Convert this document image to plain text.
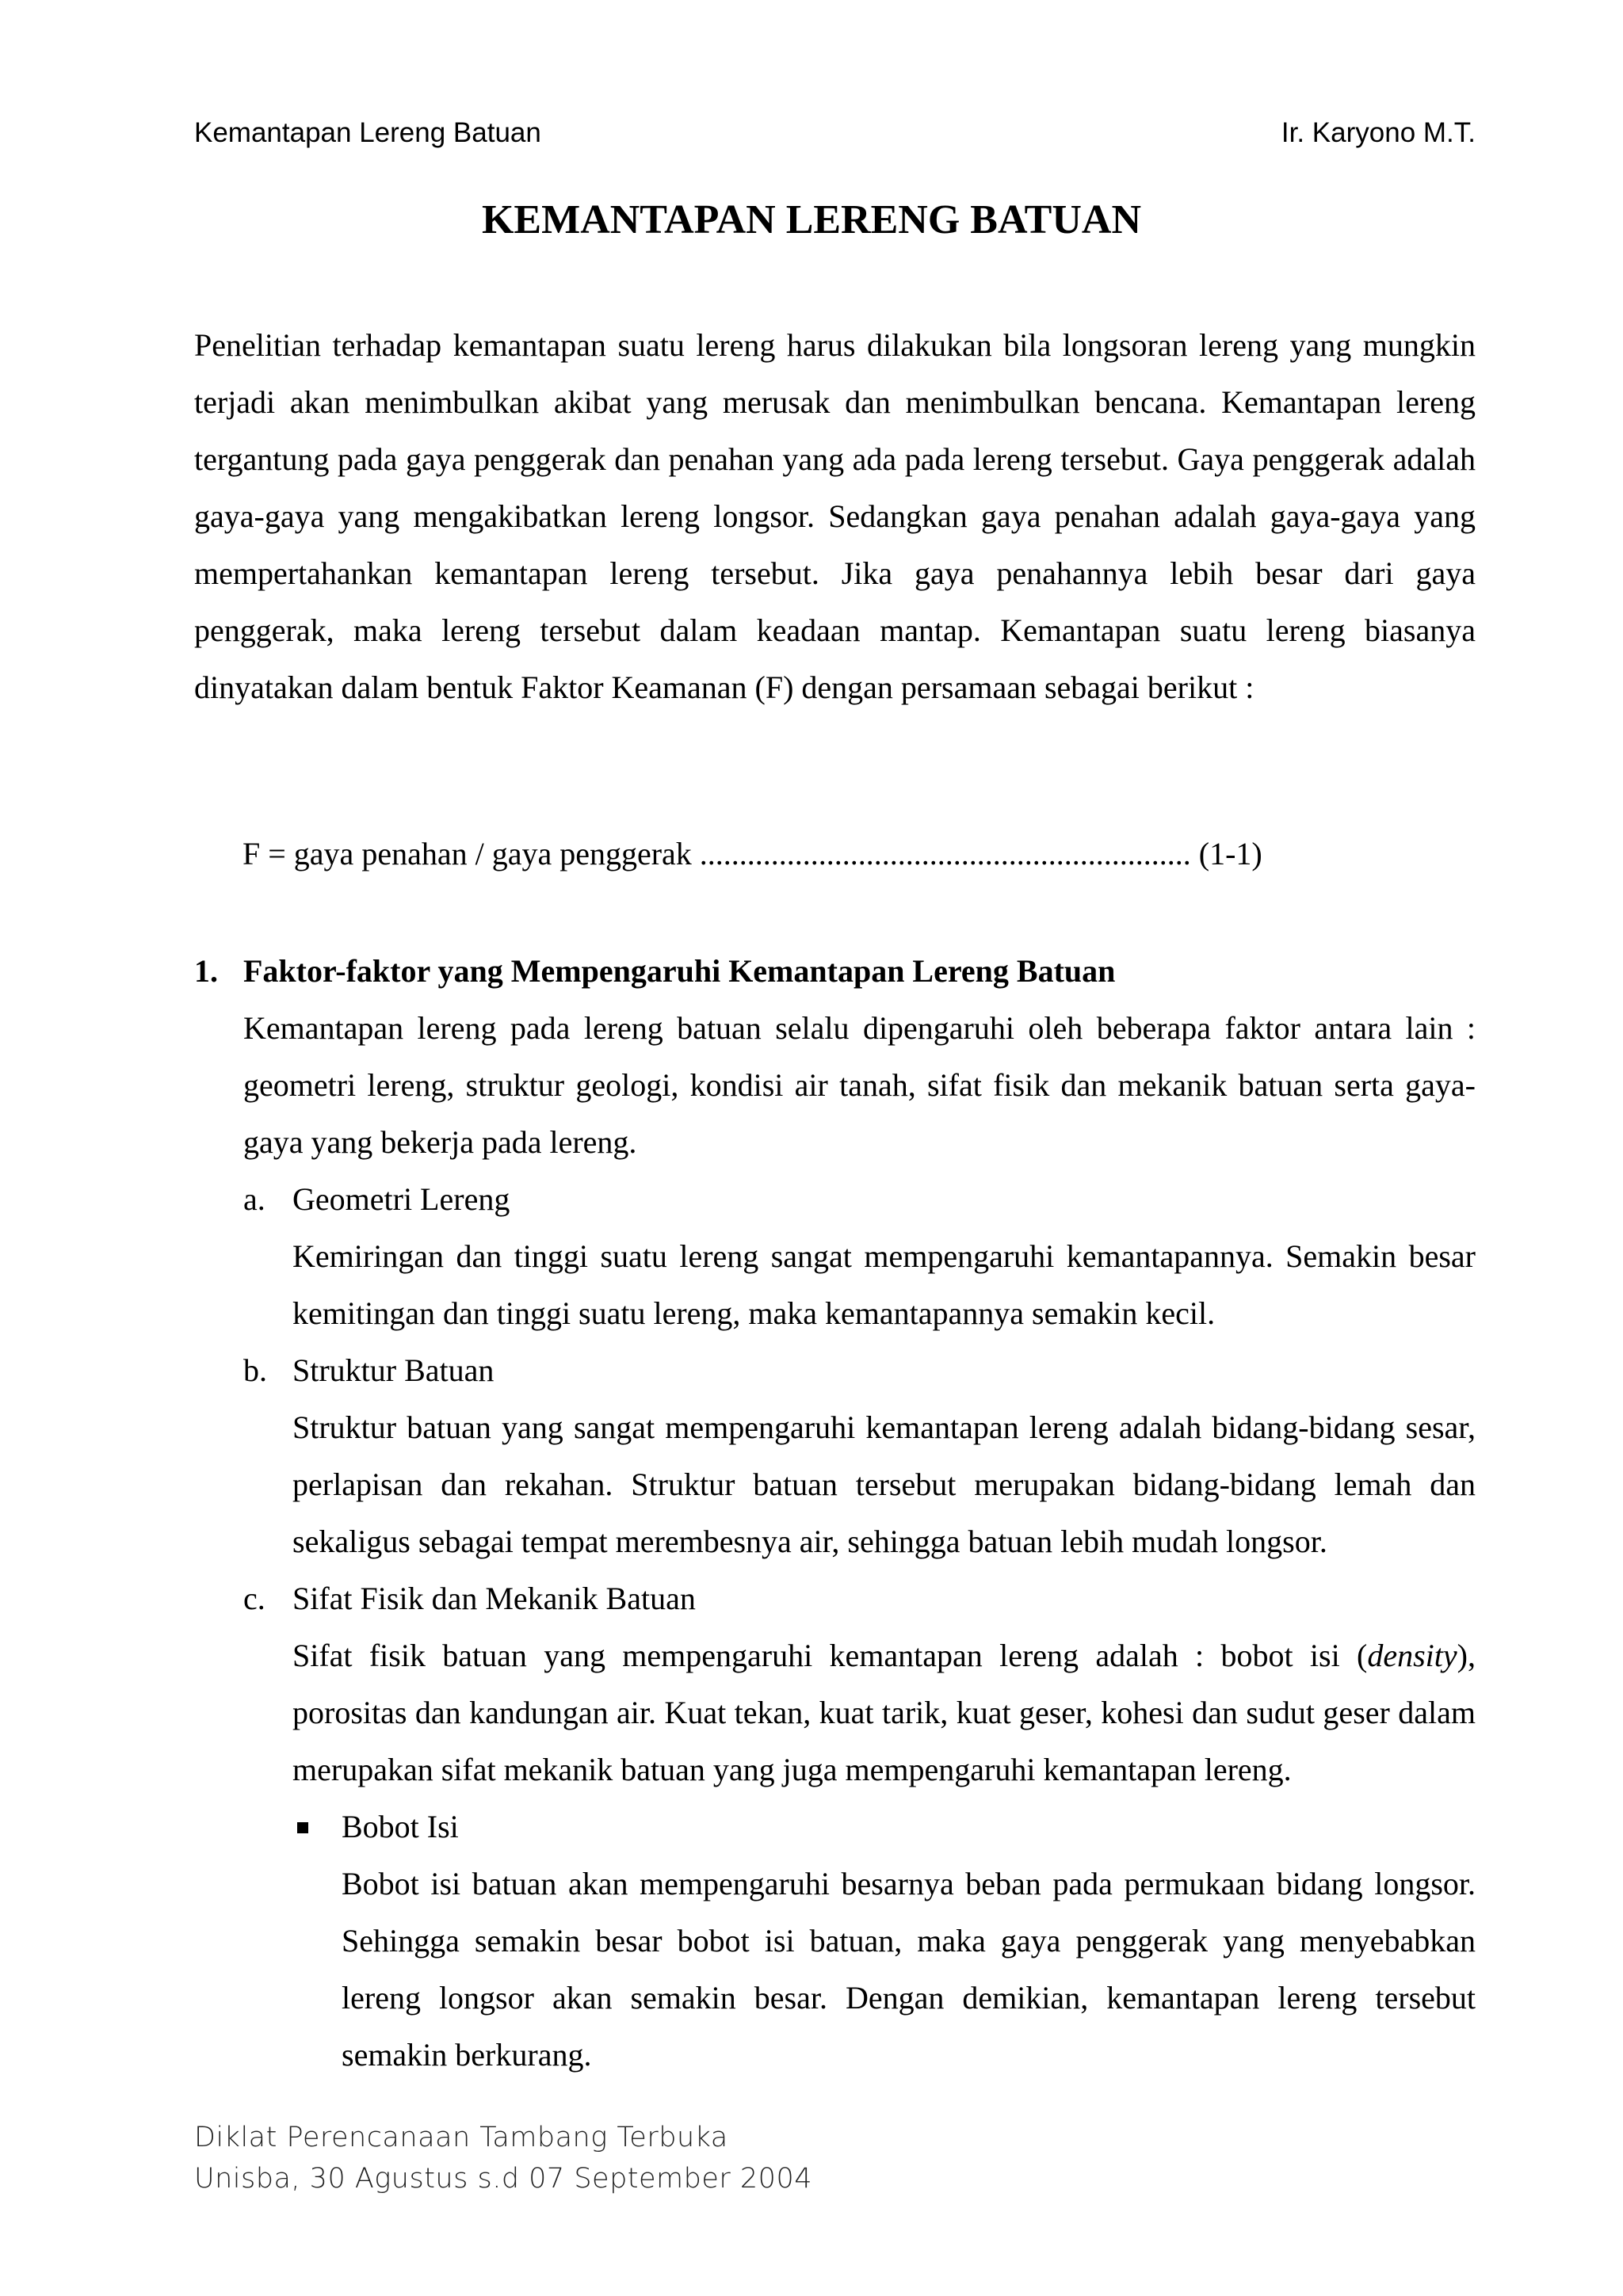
Kemantapan Lereng Batuan	Ir. Karyono M.T.
KEMANTAPAN LERENG BATUAN

Penelitian terhadap kemantapan suatu lereng harus dilakukan bila longsoran lereng yang mungkin terjadi akan menimbulkan akibat yang merusak dan menimbulkan bencana. Kemantapan lereng tergantung pada gaya penggerak dan penahan yang ada pada lereng tersebut. Gaya penggerak adalah gaya-gaya yang mengakibatkan lereng longsor. Sedangkan gaya penahan adalah gaya-gaya yang mempertahankan kemantapan lereng tersebut. Jika gaya penahannya lebih besar dari gaya penggerak, maka lereng tersebut dalam keadaan mantap. Kemantapan suatu lereng biasanya dinyatakan dalam bentuk Faktor Keamanan (F) dengan persamaan sebagai berikut :

F = gaya penahan / gaya penggerak .............................................................. (1-1)
1. Faktor-faktor yang Mempengaruhi Kemantapan Lereng Batuan

Kemantapan lereng pada lereng batuan selalu dipengaruhi oleh beberapa faktor antara lain : geometri lereng, struktur geologi, kondisi air tanah, sifat fisik dan mekanik batuan serta gaya-gaya yang bekerja pada lereng.

a. Geometri Lereng

Kemiringan dan tinggi suatu lereng sangat mempengaruhi kemantapannya. Semakin besar kemitingan dan tinggi suatu lereng, maka kemantapannya semakin kecil.

b. Struktur Batuan

Struktur batuan yang sangat mempengaruhi kemantapan lereng adalah bidang-bidang sesar, perlapisan dan rekahan. Struktur batuan tersebut merupakan bidang-bidang lemah dan sekaligus sebagai tempat merembesnya air, sehingga batuan lebih mudah longsor.

c. Sifat Fisik dan Mekanik Batuan

Sifat fisik batuan yang mempengaruhi kemantapan lereng adalah : bobot isi (density), porositas dan kandungan air. Kuat tekan, kuat tarik, kuat geser, kohesi dan sudut geser dalam merupakan sifat mekanik batuan yang juga mempengaruhi kemantapan lereng.

Bobot Isi

Bobot isi batuan akan mempengaruhi besarnya beban pada permukaan bidang longsor. Sehingga semakin besar bobot isi batuan, maka gaya penggerak yang menyebabkan lereng longsor akan semakin besar. Dengan demikian, kemantapan lereng tersebut semakin berkurang.

Diklat Perencanaan Tambang Terbuka
Unisba, 30 Agustus s.d 07 September 2004
